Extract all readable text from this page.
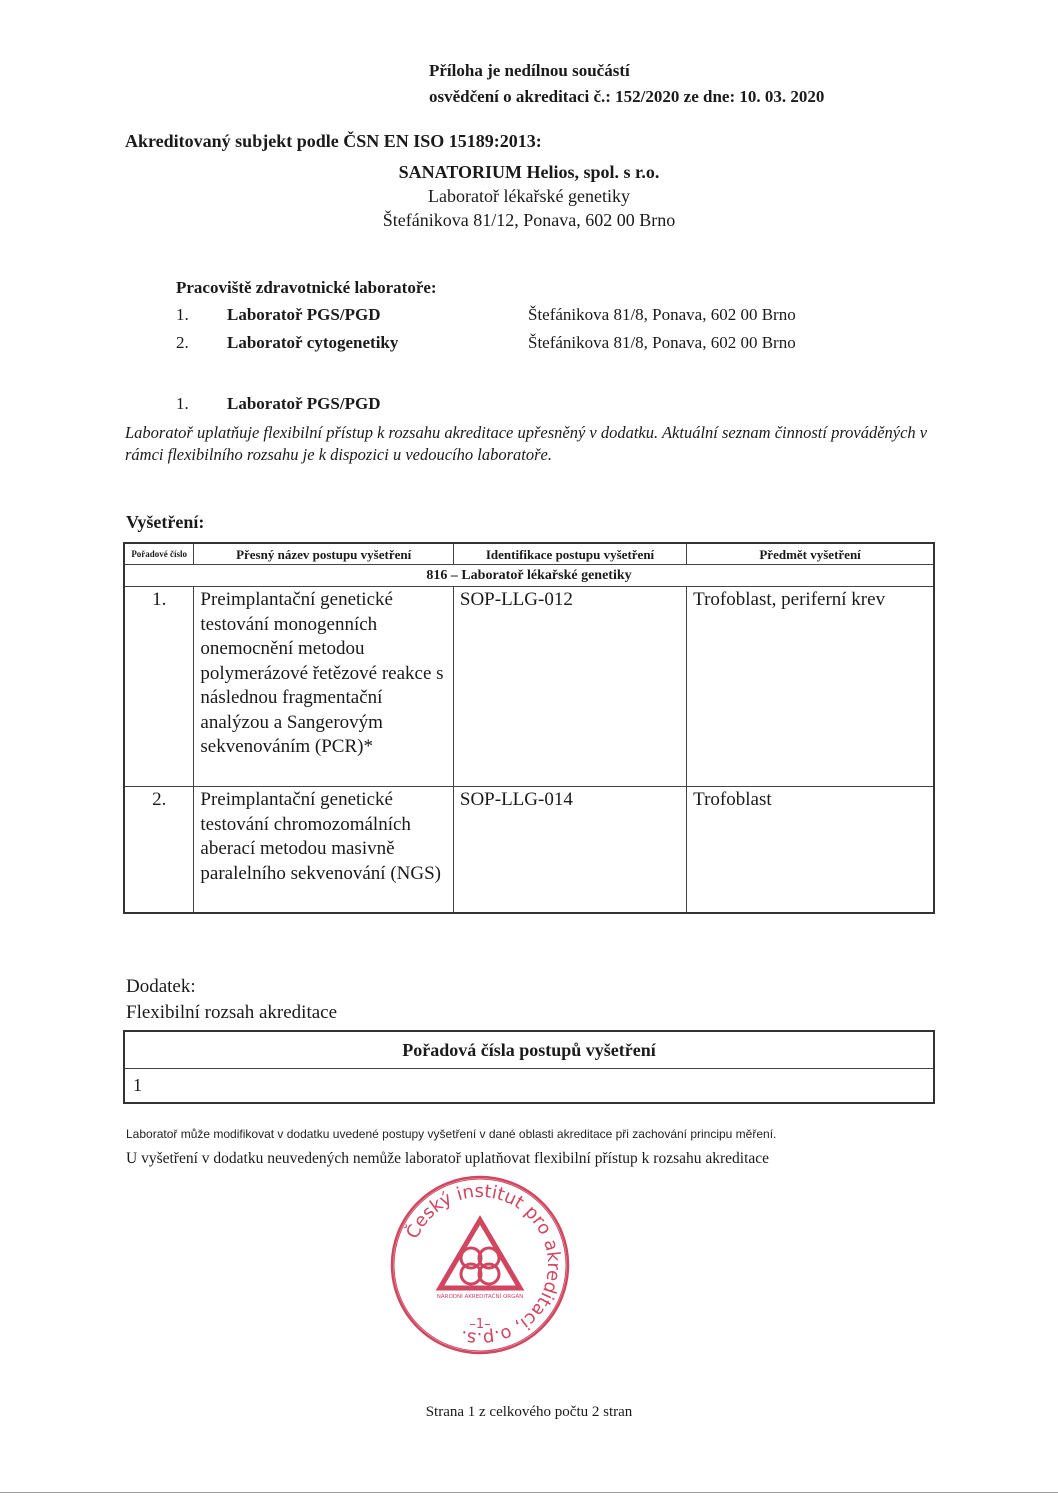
Příloha je nedílnou součástí
osvědčení o akreditaci č.: 152/2020 ze dne: 10. 03. 2020
Akreditovaný subjekt podle ČSN EN ISO 15189:2013:
SANATORIUM Helios, spol. s r.o.
Laboratoř lékařské genetiky
Štefánikova 81/12, Ponava, 602 00 Brno
Pracoviště zdravotnické laboratoře:
1. Laboratoř PGS/PGD	Štefánikova 81/8, Ponava, 602 00 Brno
2. Laboratoř cytogenetiky	Štefánikova 81/8, Ponava, 602 00 Brno
1. Laboratoř PGS/PGD
Laboratoř uplatňuje flexibilní přístup k rozsahu akreditace upřesněný v dodatku. Aktuální seznam činností prováděných v rámci flexibilního rozsahu je k dispozici u vedoucího laboratoře.
Vyšetření:
Pořadové číslo	Přesný název postupu vyšetření	Identifikace postupu vyšetření	Předmět vyšetření
816 – Laboratoř lékařské genetiky			
1.	Preimplantační genetické testování monogenních onemocnění metodou polymerázové řetězové reakce s následnou fragmentační analýzou a Sangerovým sekvenováním (PCR)*	SOP-LLG-012	Trofoblast, periferní krev
2.	Preimplantační genetické testování chromozomálních aberací metodou masivně paralelního sekvenování (NGS)	SOP-LLG-014	Trofoblast
Dodatek:
Flexibilní rozsah akreditace
Pořadová čísla postupů vyšetření
1
Laboratoř může modifikovat v dodatku uvedené postupy vyšetření v dané oblasti akreditace při zachování principu měření.
U vyšetření v dodatku neuvedených nemůže laboratoř uplatňovat flexibilní přístup k rozsahu akreditace
Český institut pro akreditaci, o.p.s.
NÁRODNÍ AKREDITAČNÍ ORGÁN
–1–
Strana 1 z celkového počtu 2 stran
